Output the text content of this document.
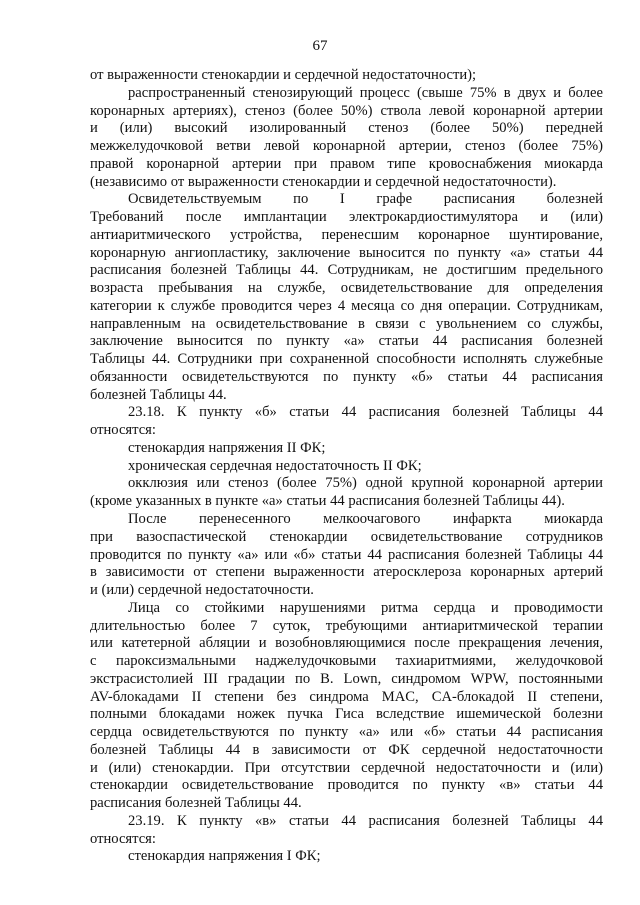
67
от выраженности стенокардии и сердечной недостаточности);
распространенный стенозирующий процесс (свыше 75% в двух и более
коронарных артериях), стеноз (более 50%) ствола левой коронарной артерии
и (или) высокий изолированный стеноз (более 50%) передней
межжелудочковой ветви левой коронарной артерии, стеноз (более 75%)
правой коронарной артерии при правом типе кровоснабжения миокарда
(независимо от выраженности стенокардии и сердечной недостаточности).
Освидетельствуемым по I графе расписания болезней
Требований после имплантации электрокардиостимулятора и (или)
антиаритмического устройства, перенесшим коронарное шунтирование,
коронарную ангиопластику, заключение выносится по пункту «а» статьи 44
расписания болезней Таблицы 44. Сотрудникам, не достигшим предельного
возраста пребывания на службе, освидетельствование для определения
категории к службе проводится через 4 месяца со дня операции. Сотрудникам,
направленным на освидетельствование в связи с увольнением со службы,
заключение выносится по пункту «а» статьи 44 расписания болезней
Таблицы 44. Сотрудники при сохраненной способности исполнять служебные
обязанности освидетельствуются по пункту «б» статьи 44 расписания
болезней Таблицы 44.
23.18. К пункту «б» статьи 44 расписания болезней Таблицы 44
относятся:
стенокардия напряжения II ФК;
хроническая сердечная недостаточность II ФК;
окклюзия или стеноз (более 75%) одной крупной коронарной артерии
(кроме указанных в пункте «а» статьи 44 расписания болезней Таблицы 44).
После перенесенного мелкоочагового инфаркта миокарда
при вазоспастической стенокардии освидетельствование сотрудников
проводится по пункту «а» или «б» статьи 44 расписания болезней Таблицы 44
в зависимости от степени выраженности атеросклероза коронарных артерий
и (или) сердечной недостаточности.
Лица со стойкими нарушениями ритма сердца и проводимости
длительностью более 7 суток, требующими антиаритмической терапии
или катетерной абляции и возобновляющимися после прекращения лечения,
с пароксизмальными наджелудочковыми тахиаритмиями, желудочковой
экстрасистолией III градации по B. Lown, синдромом WPW, постоянными
AV-блокадами II степени без синдрома MAC, CA-блокадой II степени,
полными блокадами ножек пучка Гиса вследствие ишемической болезни
сердца освидетельствуются по пункту «а» или «б» статьи 44 расписания
болезней Таблицы 44 в зависимости от ФК сердечной недостаточности
и (или) стенокардии. При отсутствии сердечной недостаточности и (или)
стенокардии освидетельствование проводится по пункту «в» статьи 44
расписания болезней Таблицы 44.
23.19. К пункту «в» статьи 44 расписания болезней Таблицы 44
относятся:
стенокардия напряжения I ФК;
